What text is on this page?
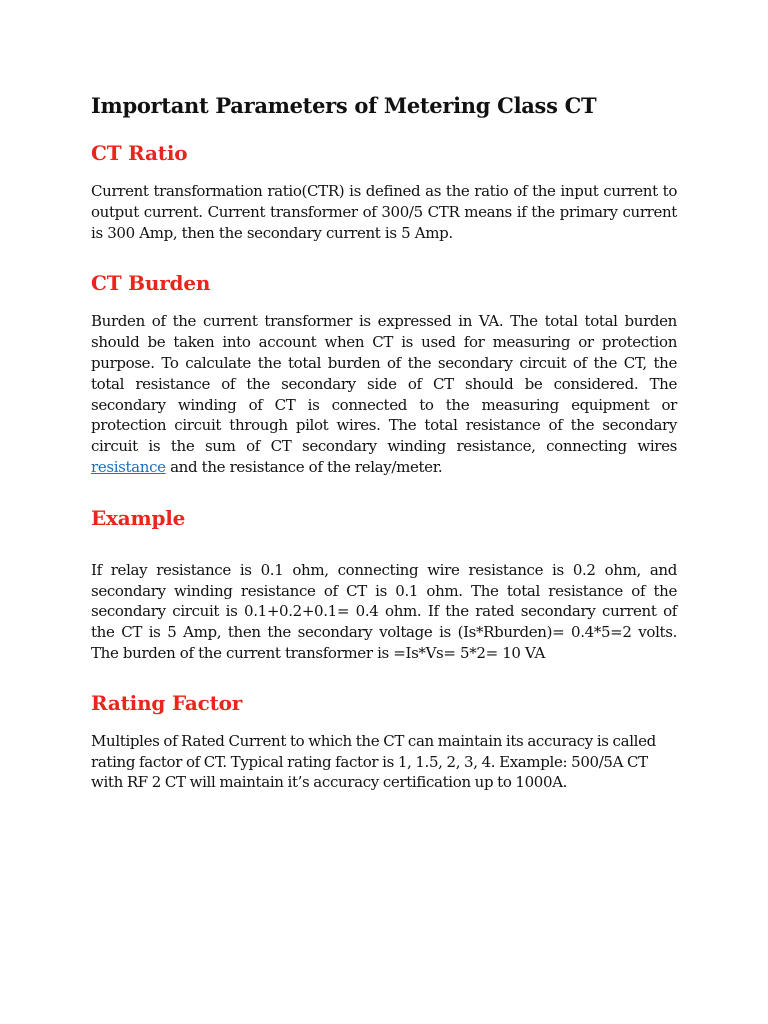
Important Parameters of Metering Class CT
CT Ratio

Current transformation ratio(CTR) is defined as the ratio of the input current to output current. Current transformer of 300/5 CTR means if the primary current is 300 Amp, then the secondary current is 5 Amp.

CT Burden

Burden of the current transformer is expressed in VA. The total total burden should be taken into account when CT is used for measuring or protection purpose. To calculate the total burden of the secondary circuit of the CT, the total resistance of the secondary side of CT should be considered. The secondary winding of CT is connected to the measuring equipment or protection circuit through pilot wires. The total resistance of the secondary circuit is the sum of CT secondary winding resistance, connecting wires resistance and the resistance of the relay/meter.

Example

If relay resistance is 0.1 ohm, connecting wire resistance is 0.2 ohm, and secondary winding resistance of CT is 0.1 ohm. The total resistance of the secondary circuit is 0.1+0.2+0.1= 0.4 ohm. If the rated secondary current of the CT is 5 Amp, then the secondary voltage is (Is*Rburden)= 0.4*5=2 volts. The burden of the current transformer is =Is*Vs= 5*2= 10 VA

Rating Factor

Multiples of Rated Current to which the CT can maintain its accuracy is called rating factor of CT. Typical rating factor is 1, 1.5, 2, 3, 4. Example: 500/5A CT with RF 2 CT will maintain it’s accuracy certification up to 1000A.
